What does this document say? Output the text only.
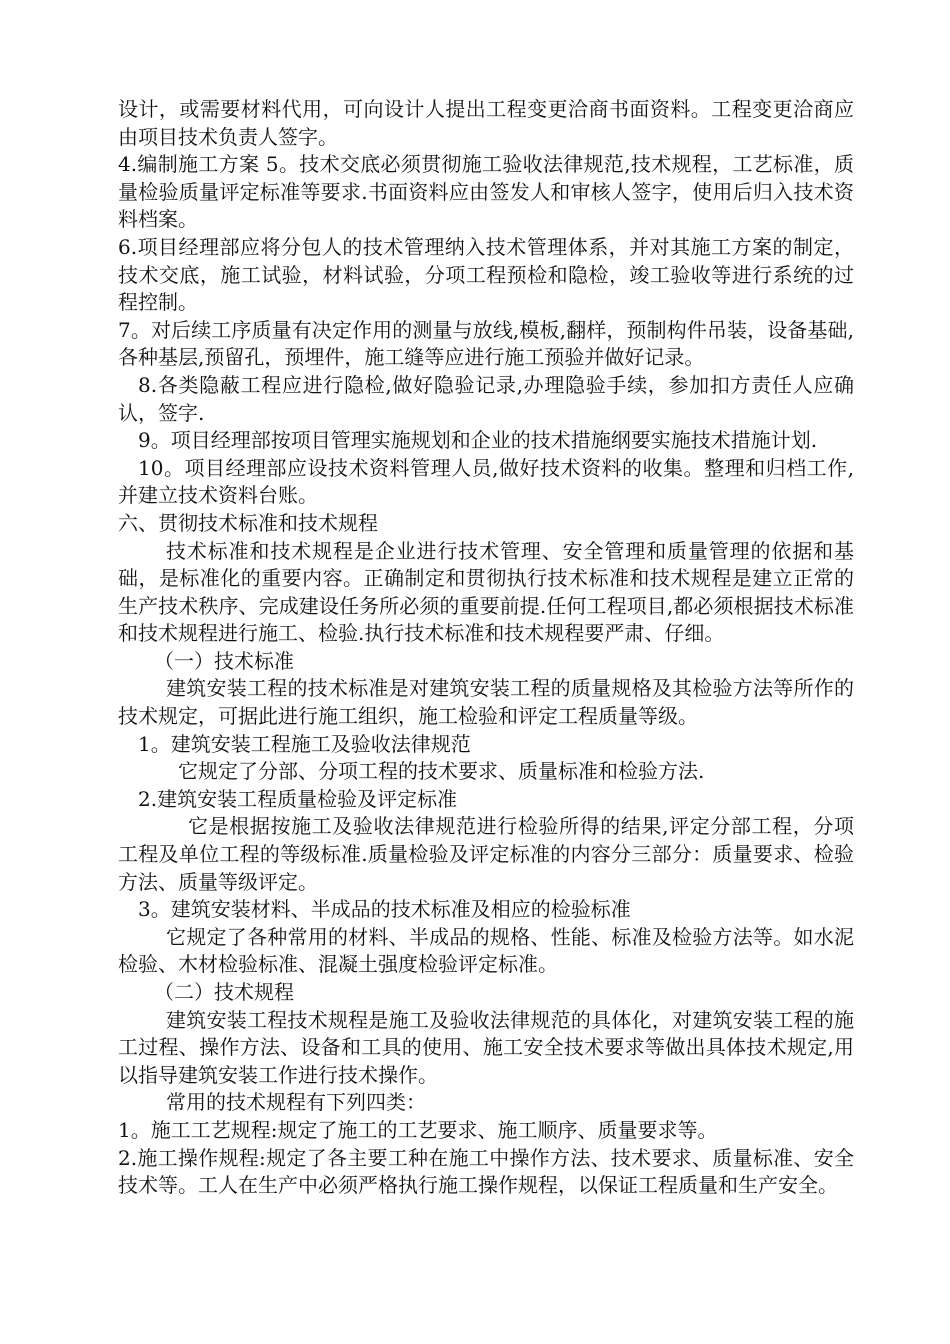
设计，或需要材料代用，可向设计人提出工程变更洽商书面资料。工程变更洽商应由项目技术负责人签字。

4.编制施工方案 5。技术交底必须贯彻施工验收法律规范,技术规程，工艺标准，质量检验质量评定标准等要求.书面资料应由签发人和审核人签字，使用后归入技术资料档案。

6.项目经理部应将分包人的技术管理纳入技术管理体系，并对其施工方案的制定，技术交底，施工试验，材料试验，分项工程预检和隐检，竣工验收等进行系统的过程控制。

7。对后续工序质量有决定作用的测量与放线,模板,翻样，预制构件吊装，设备基础,各种基层,预留孔，预埋件，施工缝等应进行施工预验并做好记录。

8.各类隐蔽工程应进行隐检,做好隐验记录,办理隐验手续，参加扣方责任人应确认，签字.

9。项目经理部按项目管理实施规划和企业的技术措施纲要实施技术措施计划.

10。项目经理部应设技术资料管理人员,做好技术资料的收集。整理和归档工作,并建立技术资料台账。

六、贯彻技术标准和技术规程

技术标准和技术规程是企业进行技术管理、安全管理和质量管理的依据和基础，是标准化的重要内容。正确制定和贯彻执行技术标准和技术规程是建立正常的生产技术秩序、完成建设任务所必须的重要前提.任何工程项目,都必须根据技术标准和技术规程进行施工、检验.执行技术标准和技术规程要严肃、仔细。

（一）技术标准

建筑安装工程的技术标准是对建筑安装工程的质量规格及其检验方法等所作的技术规定，可据此进行施工组织，施工检验和评定工程质量等级。

1。建筑安装工程施工及验收法律规范

它规定了分部、分项工程的技术要求、质量标准和检验方法.

2.建筑安装工程质量检验及评定标准

它是根据按施工及验收法律规范进行检验所得的结果,评定分部工程，分项工程及单位工程的等级标准.质量检验及评定标准的内容分三部分：质量要求、检验方法、质量等级评定。

3。建筑安装材料、半成品的技术标准及相应的检验标准

它规定了各种常用的材料、半成品的规格、性能、标准及检验方法等。如水泥检验、木材检验标准、混凝土强度检验评定标准。

（二）技术规程

建筑安装工程技术规程是施工及验收法律规范的具体化，对建筑安装工程的施工过程、操作方法、设备和工具的使用、施工安全技术要求等做出具体技术规定,用以指导建筑安装工作进行技术操作。

常用的技术规程有下列四类：

1。施工工艺规程:规定了施工的工艺要求、施工顺序、质量要求等。

2.施工操作规程:规定了各主要工种在施工中操作方法、技术要求、质量标准、安全技术等。工人在生产中必须严格执行施工操作规程，以保证工程质量和生产安全。
